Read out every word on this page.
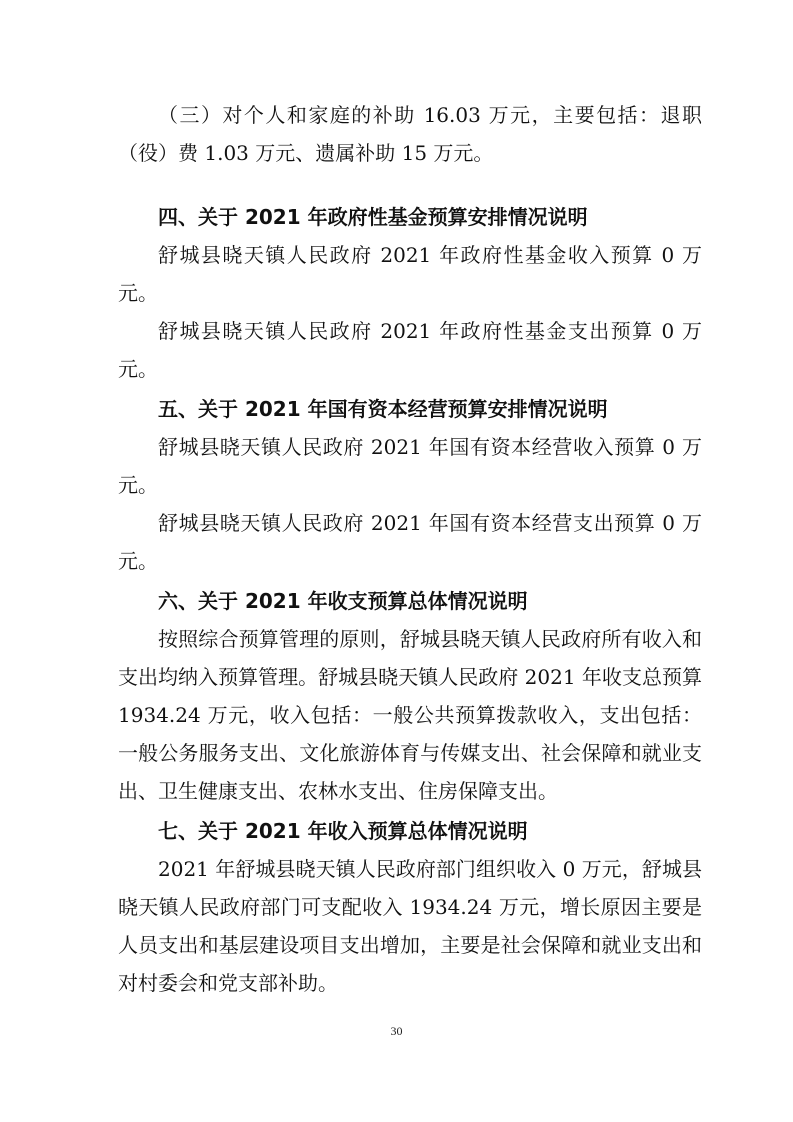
（三）对个人和家庭的补助 16.03 万元，主要包括：退职（役）费 1.03 万元、遗属补助 15 万元。

四、关于 2021 年政府性基金预算安排情况说明

舒城县晓天镇人民政府 2021 年政府性基金收入预算 0 万元。

舒城县晓天镇人民政府 2021 年政府性基金支出预算 0 万元。

五、关于 2021 年国有资本经营预算安排情况说明

舒城县晓天镇人民政府 2021 年国有资本经营收入预算 0 万元。

舒城县晓天镇人民政府 2021 年国有资本经营支出预算 0 万元。

六、关于 2021 年收支预算总体情况说明

按照综合预算管理的原则，舒城县晓天镇人民政府所有收入和支出均纳入预算管理。舒城县晓天镇人民政府 2021 年收支总预算 1934.24 万元，收入包括：一般公共预算拨款收入，支出包括：一般公务服务支出、文化旅游体育与传媒支出、社会保障和就业支出、卫生健康支出、农林水支出、住房保障支出。

七、关于 2021 年收入预算总体情况说明

2021 年舒城县晓天镇人民政府部门组织收入 0 万元，舒城县晓天镇人民政府部门可支配收入 1934.24 万元，增长原因主要是人员支出和基层建设项目支出增加，主要是社会保障和就业支出和对村委会和党支部补助。

30
